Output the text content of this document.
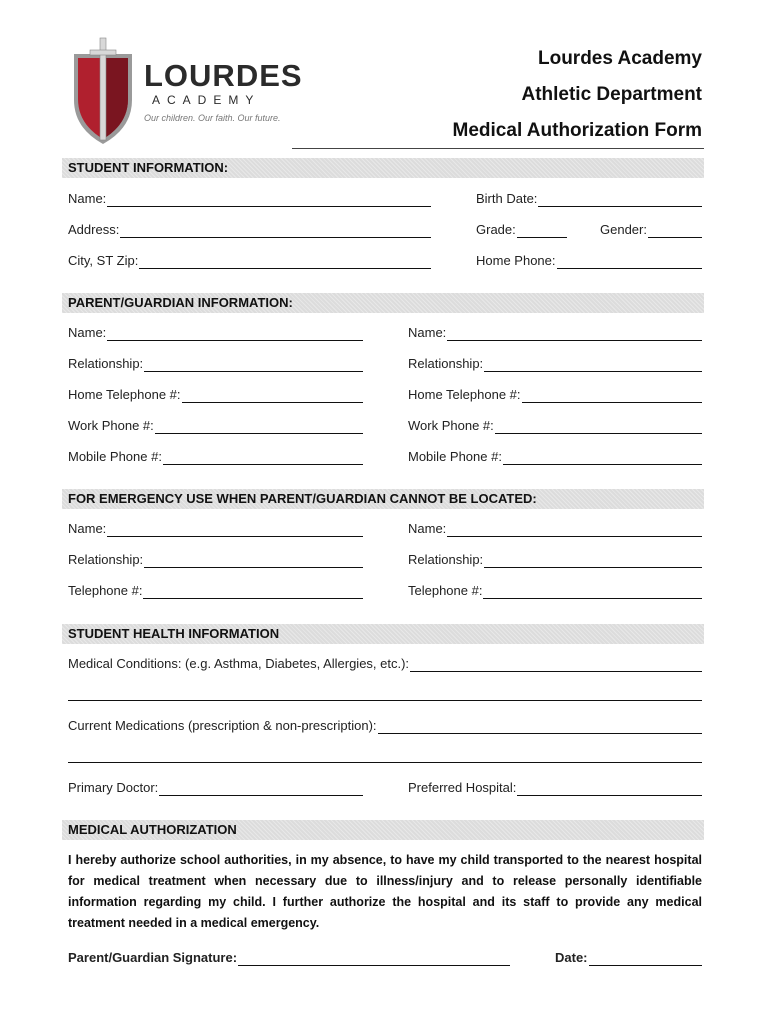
LOURDES
ACADEMY
Our children. Our faith. Our future.
Lourdes Academy
Athletic Department
Medical Authorization Form
STUDENT INFORMATION:
Name:	Birth Date:
Address:	Grade:	Gender:
City, ST Zip:	Home Phone:
PARENT/GUARDIAN INFORMATION:
Name:	Name:
Relationship:	Relationship:
Home Telephone #:	Home Telephone #:
Work Phone #:	Work Phone #:
Mobile Phone #:	Mobile Phone #:
FOR EMERGENCY USE WHEN PARENT/GUARDIAN CANNOT BE LOCATED:
Name:	Name:
Relationship:	Relationship:
Telephone #:	Telephone #:
STUDENT HEALTH INFORMATION
Medical Conditions: (e.g. Asthma, Diabetes, Allergies, etc.):
Current Medications (prescription & non-prescription):
Primary Doctor:	Preferred Hospital:
MEDICAL AUTHORIZATION
I hereby authorize school authorities, in my absence, to have my child transported to the nearest hospital for medical treatment when necessary due to illness/injury and to release personally identifiable information regarding my child. I further authorize the hospital and its staff to provide any medical treatment needed in a medical emergency.
Parent/Guardian Signature:	Date:
